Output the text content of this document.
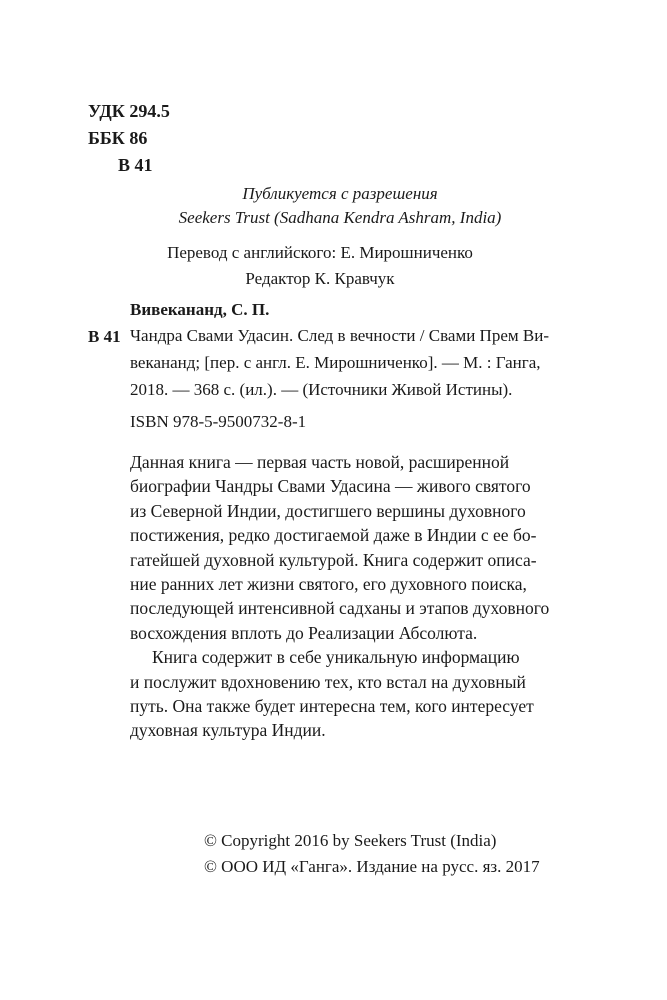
УДК 294.5
ББК 86
В 41
Публикуется с разрешения
Seekers Trust (Sadhana Kendra Ashram, India)
Перевод с английского: Е. Мирошниченко
Редактор К. Кравчук
Вивекананд, С. П.
В 41 Чандра Свами Удасин. След в вечности / Свами Прем Ви-
векананд; [пер. с англ. Е. Мирошниченко]. — М. : Ганга,
2018. — 368 с. (ил.). — (Источники Живой Истины).
ISBN 978-5-9500732-8-1
Данная книга — первая часть новой, расширенной
биографии Чандры Свами Удасина — живого святого
из Северной Индии, достигшего вершины духовного
постижения, редко достигаемой даже в Индии с ее бо-
гатейшей духовной культурой. Книга содержит описа-
ние ранних лет жизни святого, его духовного поиска,
последующей интенсивной садханы и этапов духовного
восхождения вплоть до Реализации Абсолюта.
Книга содержит в себе уникальную информацию
и послужит вдохновению тех, кто встал на духовный
путь. Она также будет интересна тем, кого интересует
духовная культура Индии.
© Copyright 2016 by Seekers Trust (India)
© ООО ИД «Ганга». Издание на русс. яз. 2017
